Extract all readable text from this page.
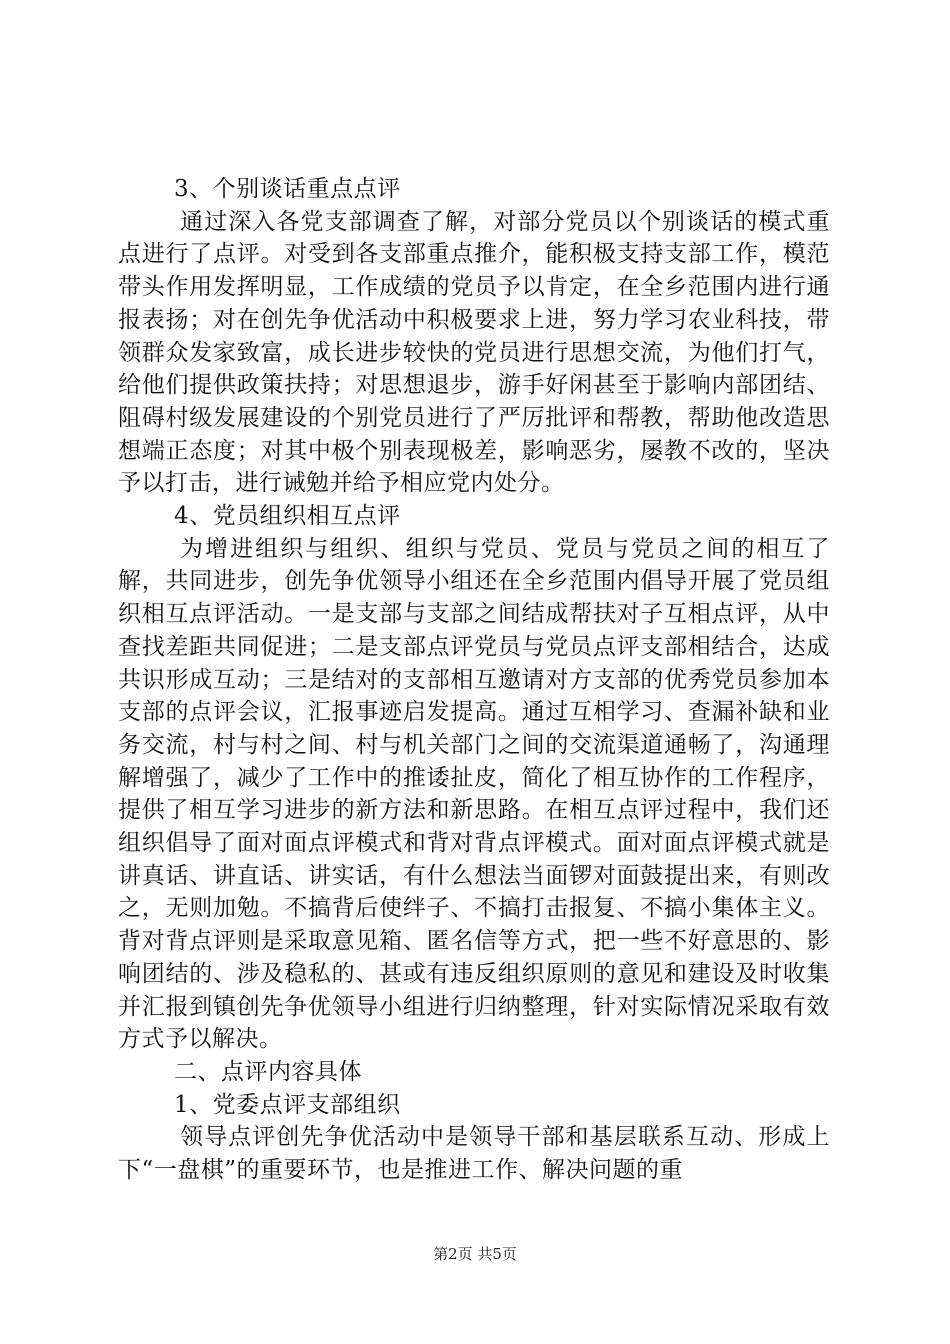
3、个别谈话重点点评

通过深入各党支部调查了解，对部分党员以个别谈话的模式重点进行了点评。对受到各支部重点推介，能积极支持支部工作，模范带头作用发挥明显，工作成绩的党员予以肯定，在全乡范围内进行通报表扬；对在创先争优活动中积极要求上进，努力学习农业科技，带领群众发家致富，成长进步较快的党员进行思想交流，为他们打气，给他们提供政策扶持；对思想退步，游手好闲甚至于影响内部团结、阻碍村级发展建设的个别党员进行了严厉批评和帮教，帮助他改造思想端正态度；对其中极个别表现极差，影响恶劣，屡教不改的，坚决予以打击，进行诫勉并给予相应党内处分。

4、党员组织相互点评

为增进组织与组织、组织与党员、党员与党员之间的相互了解，共同进步，创先争优领导小组还在全乡范围内倡导开展了党员组织相互点评活动。一是支部与支部之间结成帮扶对子互相点评，从中查找差距共同促进；二是支部点评党员与党员点评支部相结合，达成共识形成互动；三是结对的支部相互邀请对方支部的优秀党员参加本支部的点评会议，汇报事迹启发提高。通过互相学习、查漏补缺和业务交流，村与村之间、村与机关部门之间的交流渠道通畅了，沟通理解增强了，减少了工作中的推诿扯皮，简化了相互协作的工作程序，提供了相互学习进步的新方法和新思路。在相互点评过程中，我们还组织倡导了面对面点评模式和背对背点评模式。面对面点评模式就是讲真话、讲直话、讲实话，有什么想法当面锣对面鼓提出来，有则改之，无则加勉。不搞背后使绊子、不搞打击报复、不搞小集体主义。背对背点评则是采取意见箱、匿名信等方式，把一些不好意思的、影响团结的、涉及稳私的、甚或有违反组织原则的意见和建设及时收集并汇报到镇创先争优领导小组进行归纳整理，针对实际情况采取有效方式予以解决。

二、点评内容具体

1、党委点评支部组织

领导点评创先争优活动中是领导干部和基层联系互动、形成上下“一盘棋”的重要环节，也是推进工作、解决问题的重

第2页 共5页
